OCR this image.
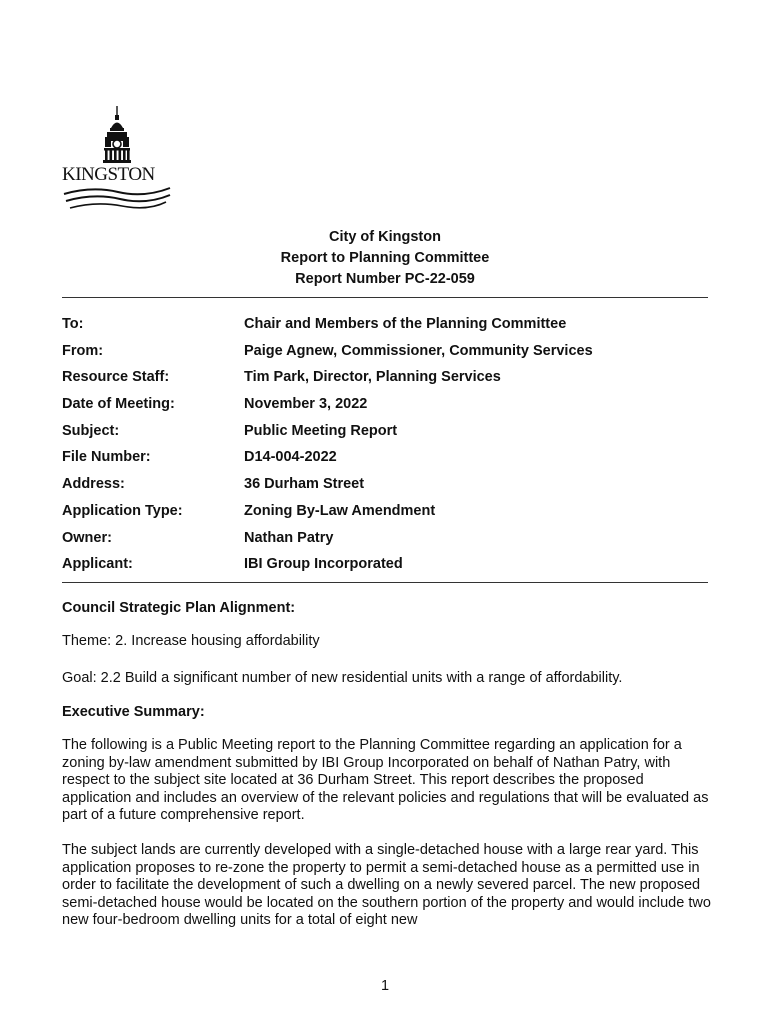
KINGSTON
City of Kingston
Report to Planning Committee
Report Number PC-22-059
To:	Chair and Members of the Planning Committee
From:	Paige Agnew, Commissioner, Community Services
Resource Staff:	Tim Park, Director, Planning Services
Date of Meeting:	November 3, 2022
Subject:	Public Meeting Report
File Number:	D14-004-2022
Address:	36 Durham Street
Application Type:	Zoning By-Law Amendment
Owner:	Nathan Patry
Applicant:	IBI Group Incorporated
Council Strategic Plan Alignment:
Theme: 2. Increase housing affordability
Goal: 2.2 Build a significant number of new residential units with a range of affordability.
Executive Summary:
The following is a Public Meeting report to the Planning Committee regarding an application for a zoning by-law amendment submitted by IBI Group Incorporated on behalf of Nathan Patry, with respect to the subject site located at 36 Durham Street. This report describes the proposed application and includes an overview of the relevant policies and regulations that will be evaluated as part of a future comprehensive report.
The subject lands are currently developed with a single-detached house with a large rear yard. This application proposes to re-zone the property to permit a semi-detached house as a permitted use in order to facilitate the development of such a dwelling on a newly severed parcel. The new proposed semi-detached house would be located on the southern portion of the property and would include two new four-bedroom dwelling units for a total of eight new
1
